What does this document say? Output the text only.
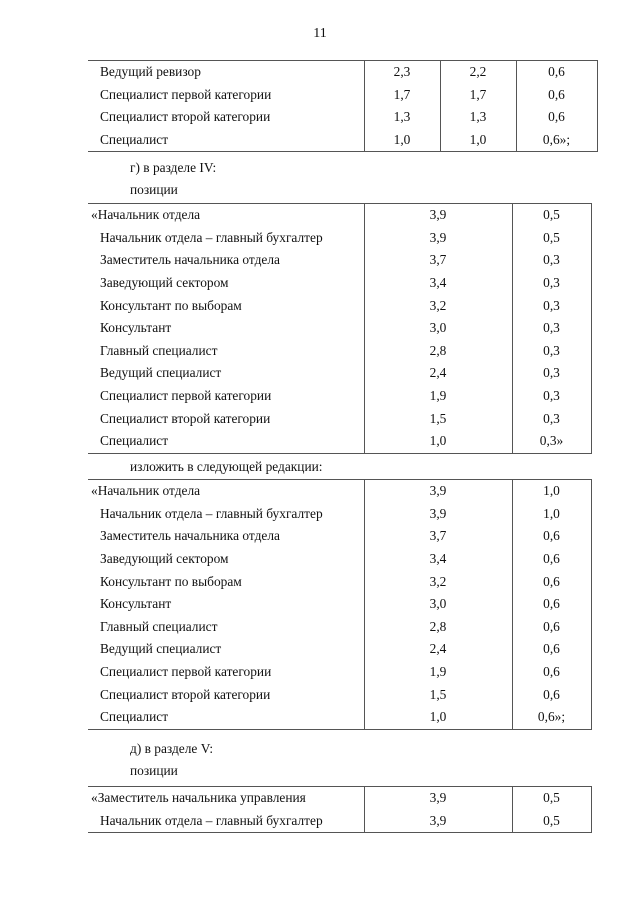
11
Ведущий ревизор	2,3	2,2	0,6
Специалист первой категории	1,7	1,7	0,6
Специалист второй категории	1,3	1,3	0,6
Специалист	1,0	1,0	0,6»;
г) в разделе IV:
позиции
«Начальник отдела	3,9	0,5
Начальник отдела – главный бухгалтер	3,9	0,5
Заместитель начальника отдела	3,7	0,3
Заведующий сектором	3,4	0,3
Консультант по выборам	3,2	0,3
Консультант	3,0	0,3
Главный специалист	2,8	0,3
Ведущий специалист	2,4	0,3
Специалист первой категории	1,9	0,3
Специалист второй категории	1,5	0,3
Специалист	1,0	0,3»
изложить в следующей редакции:
«Начальник отдела	3,9	1,0
Начальник отдела – главный бухгалтер	3,9	1,0
Заместитель начальника отдела	3,7	0,6
Заведующий сектором	3,4	0,6
Консультант по выборам	3,2	0,6
Консультант	3,0	0,6
Главный специалист	2,8	0,6
Ведущий специалист	2,4	0,6
Специалист первой категории	1,9	0,6
Специалист второй категории	1,5	0,6
Специалист	1,0	0,6»;
д) в разделе V:
позиции
«Заместитель начальника управления	3,9	0,5
Начальник отдела – главный бухгалтер	3,9	0,5
